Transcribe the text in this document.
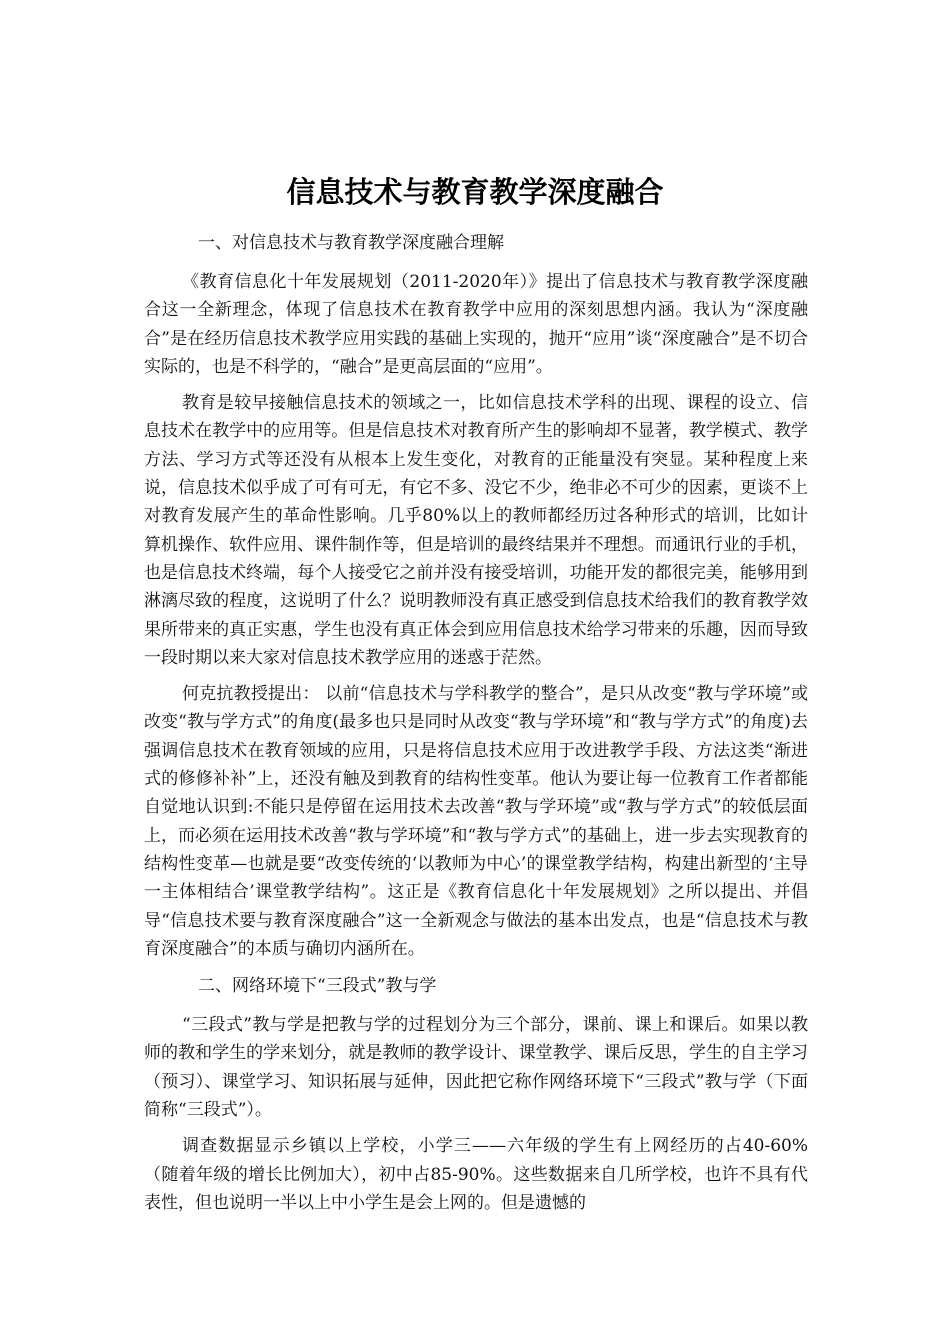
信息技术与教育教学深度融合

一、对信息技术与教育教学深度融合理解

《教育信息化十年发展规划（2011-2020年）》提出了信息技术与教育教学深度融合这一全新理念，体现了信息技术在教育教学中应用的深刻思想内涵。我认为“深度融合”是在经历信息技术教学应用实践的基础上实现的，抛开“应用”谈“深度融合”是不切合实际的，也是不科学的，“融合”是更高层面的“应用”。

教育是较早接触信息技术的领域之一，比如信息技术学科的出现、课程的设立、信息技术在教学中的应用等。但是信息技术对教育所产生的影响却不显著，教学模式、教学方法、学习方式等还没有从根本上发生变化，对教育的正能量没有突显。某种程度上来说，信息技术似乎成了可有可无，有它不多、没它不少，绝非必不可少的因素，更谈不上对教育发展产生的革命性影响。几乎80%以上的教师都经历过各种形式的培训，比如计算机操作、软件应用、课件制作等，但是培训的最终结果并不理想。而通讯行业的手机，也是信息技术终端，每个人接受它之前并没有接受培训，功能开发的都很完美，能够用到淋漓尽致的程度，这说明了什么？说明教师没有真正感受到信息技术给我们的教育教学效果所带来的真正实惠，学生也没有真正体会到应用信息技术给学习带来的乐趣，因而导致一段时期以来大家对信息技术教学应用的迷惑于茫然。

何克抗教授提出： 以前“信息技术与学科教学的整合”，是只从改变“教与学环境”或改变“教与学方式”的角度(最多也只是同时从改变“教与学环境”和“教与学方式”的角度)去强调信息技术在教育领域的应用，只是将信息技术应用于改进教学手段、方法这类“渐进式的修修补补”上，还没有触及到教育的结构性变革。他认为要让每一位教育工作者都能自觉地认识到:不能只是停留在运用技术去改善“教与学环境”或“教与学方式”的较低层面上，而必须在运用技术改善“教与学环境”和“教与学方式”的基础上，进一步去实现教育的结构性变革—也就是要“改变传统的‘以教师为中心’的课堂教学结构，构建出新型的‘主导一主体相结合’课堂教学结构”。这正是《教育信息化十年发展规划》之所以提出、并倡导“信息技术要与教育深度融合”这一全新观念与做法的基本出发点，也是“信息技术与教育深度融合”的本质与确切内涵所在。

二、网络环境下“三段式”教与学

“三段式”教与学是把教与学的过程划分为三个部分，课前、课上和课后。如果以教师的教和学生的学来划分，就是教师的教学设计、课堂教学、课后反思，学生的自主学习（预习）、课堂学习、知识拓展与延伸，因此把它称作网络环境下“三段式”教与学（下面简称“三段式”）。

调查数据显示乡镇以上学校，小学三——六年级的学生有上网经历的占40-60%（随着年级的增长比例加大），初中占85-90%。这些数据来自几所学校，也许不具有代表性，但也说明一半以上中小学生是会上网的。但是遗憾的
